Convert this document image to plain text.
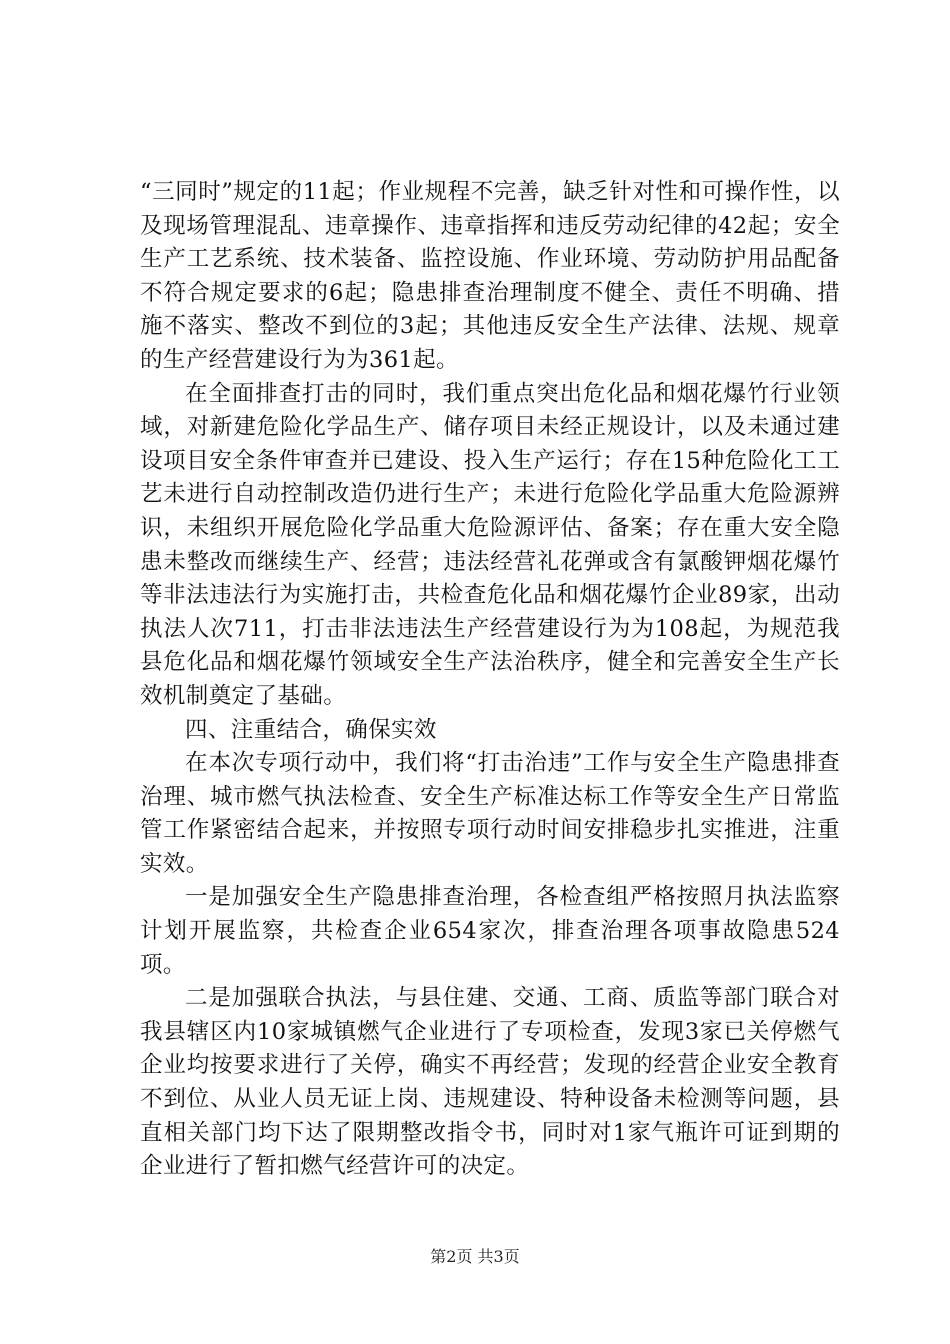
“三同时”规定的11起；作业规程不完善，缺乏针对性和可操作性，以及现场管理混乱、违章操作、违章指挥和违反劳动纪律的42起；安全生产工艺系统、技术装备、监控设施、作业环境、劳动防护用品配备不符合规定要求的6起；隐患排查治理制度不健全、责任不明确、措施不落实、整改不到位的3起；其他违反安全生产法律、法规、规章的生产经营建设行为为361起。

在全面排查打击的同时，我们重点突出危化品和烟花爆竹行业领域，对新建危险化学品生产、储存项目未经正规设计，以及未通过建设项目安全条件审查并已建设、投入生产运行；存在15种危险化工工艺未进行自动控制改造仍进行生产；未进行危险化学品重大危险源辨识，未组织开展危险化学品重大危险源评估、备案；存在重大安全隐患未整改而继续生产、经营；违法经营礼花弹或含有氯酸钾烟花爆竹等非法违法行为实施打击，共检查危化品和烟花爆竹企业89家，出动执法人次711，打击非法违法生产经营建设行为为108起，为规范我县危化品和烟花爆竹领域安全生产法治秩序，健全和完善安全生产长效机制奠定了基础。

四、注重结合，确保实效

在本次专项行动中，我们将“打击治违”工作与安全生产隐患排查治理、城市燃气执法检查、安全生产标准达标工作等安全生产日常监管工作紧密结合起来，并按照专项行动时间安排稳步扎实推进，注重实效。

一是加强安全生产隐患排查治理，各检查组严格按照月执法监察计划开展监察，共检查企业654家次，排查治理各项事故隐患524项。

二是加强联合执法，与县住建、交通、工商、质监等部门联合对我县辖区内10家城镇燃气企业进行了专项检查，发现3家已关停燃气企业均按要求进行了关停，确实不再经营；发现的经营企业安全教育不到位、从业人员无证上岗、违规建设、特种设备未检测等问题，县直相关部门均下达了限期整改指令书，同时对1家气瓶许可证到期的企业进行了暂扣燃气经营许可的决定。

第2页 共3页
